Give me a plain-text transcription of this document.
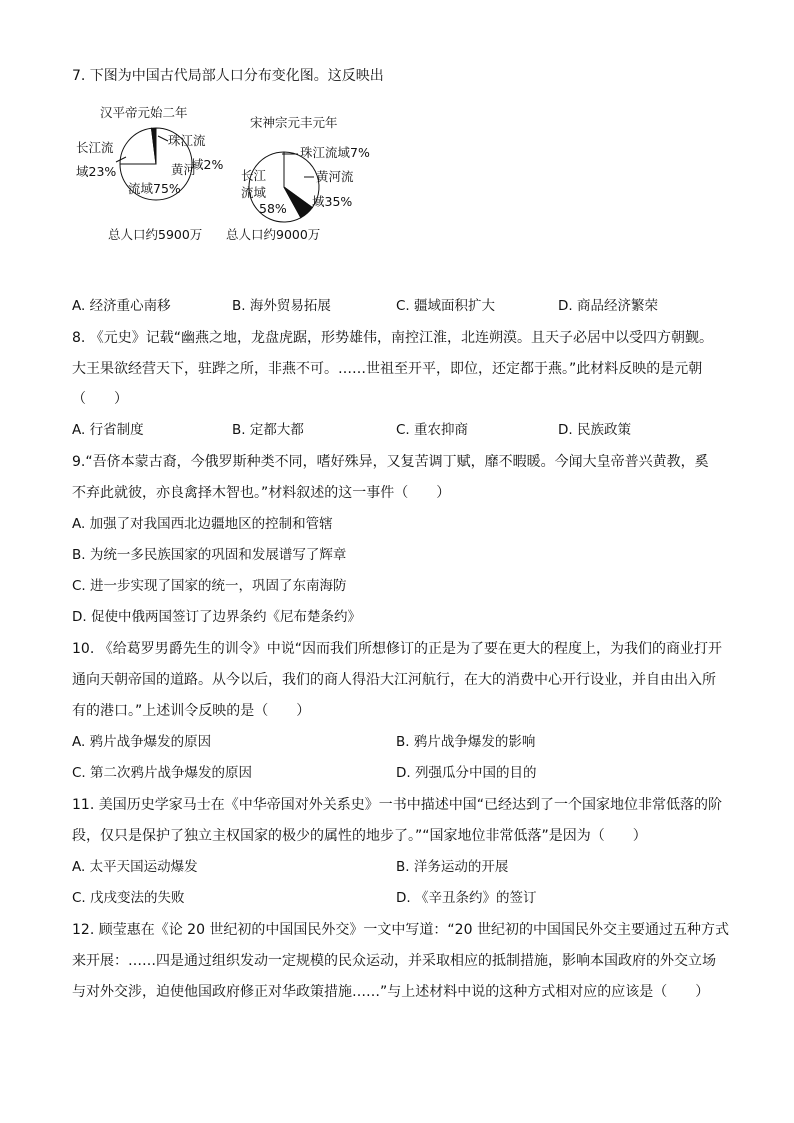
7. 下图为中国古代局部人口分布变化图。这反映出
汉平帝元始二年
珠江流
域2%
长江流
域23%	黄河
流域75%
总人口约5900万
宋神宗元丰元年
珠江流域7%
黄河流
域35%
长江
流域
58%
总人口约9000万
A. 经济重心南移	B. 海外贸易拓展	C. 疆域面积扩大	D. 商品经济繁荣
8. 《元史》记载“幽燕之地，龙盘虎踞，形势雄伟，南控江淮，北连朔漠。且天子必居中以受四方朝觐。
大王果欲经营天下，驻跸之所，非燕不可。……世祖至开平，即位，还定都于燕。”此材料反映的是元朝
（　　）
A. 行省制度	B. 定都大都	C. 重农抑商	D. 民族政策
9.“吾侪本蒙古裔，今俄罗斯种类不同，嗜好殊异，又复苦调丁赋，靡不暇暖。今闻大皇帝普兴黄教，奚
不弃此就彼，亦良禽择木智也。”材料叙述的这一事件（　　）
A. 加强了对我国西北边疆地区的控制和管辖
B. 为统一多民族国家的巩固和发展谱写了辉章
C. 进一步实现了国家的统一，巩固了东南海防
D. 促使中俄两国签订了边界条约《尼布楚条约》
10. 《给葛罗男爵先生的训令》中说“因而我们所想修订的正是为了要在更大的程度上，为我们的商业打开
通向天朝帝国的道路。从今以后，我们的商人得沿大江河航行，在大的消费中心开行设业，并自由出入所
有的港口。”上述训令反映的是（　　）
A. 鸦片战争爆发的原因	B. 鸦片战争爆发的影响
C. 第二次鸦片战争爆发的原因	D. 列强瓜分中国的目的
11. 美国历史学家马士在《中华帝国对外关系史》一书中描述中国“已经达到了一个国家地位非常低落的阶
段，仅只是保护了独立主权国家的极少的属性的地步了。”“国家地位非常低落”是因为（　　）
A. 太平天国运动爆发	B. 洋务运动的开展
C. 戊戌变法的失败	D. 《辛丑条约》的签订
12. 顾莹惠在《论 20 世纪初的中国国民外交》一文中写道：“20 世纪初的中国国民外交主要通过五种方式
来开展：……四是通过组织发动一定规模的民众运动，并采取相应的抵制措施，影响本国政府的外交立场
与对外交涉，迫使他国政府修正对华政策措施……”与上述材料中说的这种方式相对应的应该是（　　）
